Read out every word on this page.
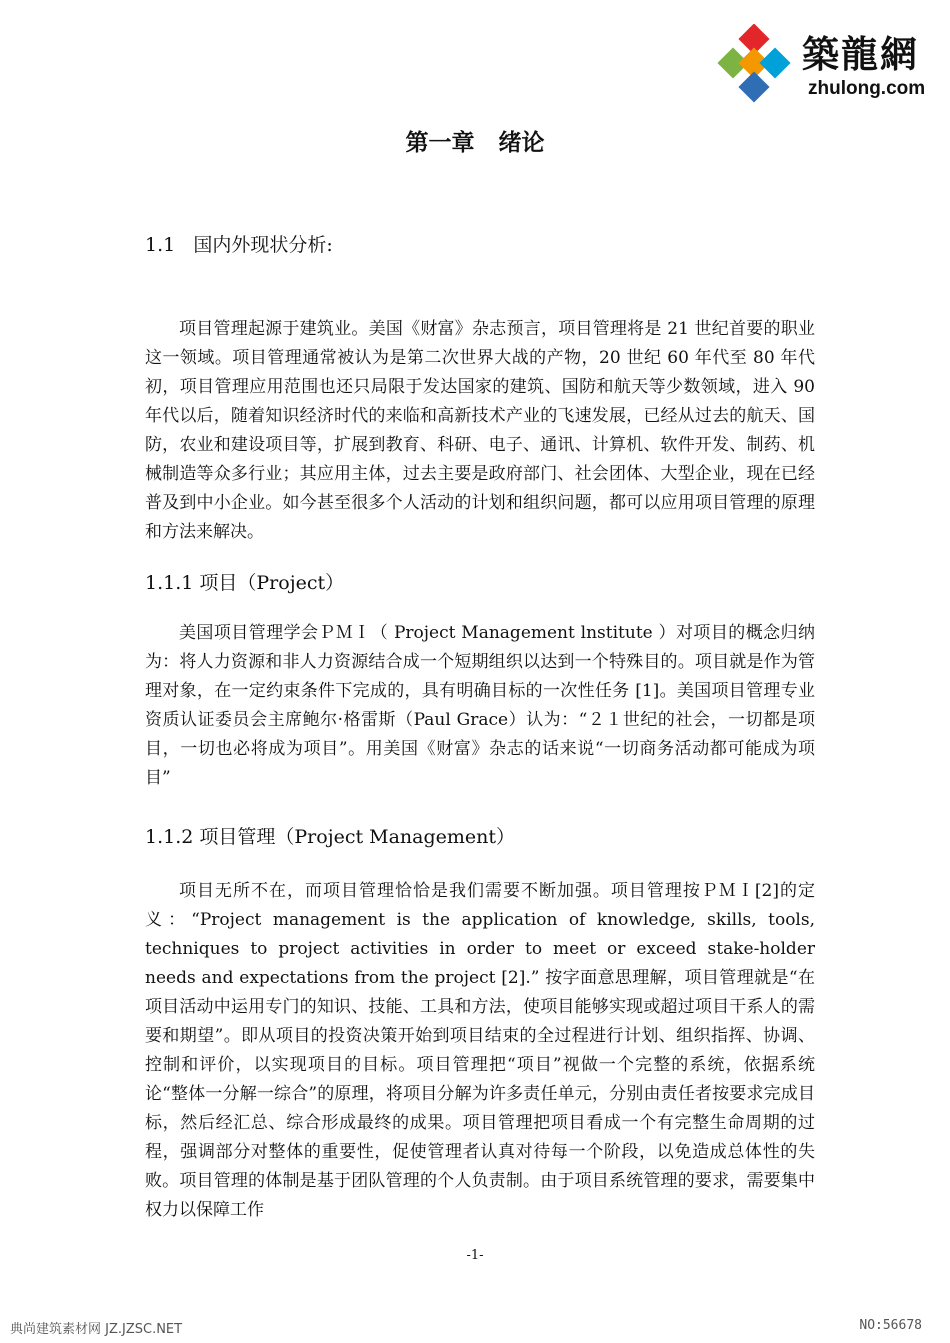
築龍網
zhulong.com
第一章   绪论
1.1   国内外现状分析:

项目管理起源于建筑业。美国《财富》杂志预言，项目管理将是 21 世纪首要的职业这一领域。项目管理通常被认为是第二次世界大战的产物，20 世纪 60 年代至 80 年代初，项目管理应用范围也还只局限于发达国家的建筑、国防和航天等少数领域，进入 90 年代以后，随着知识经济时代的来临和高新技术产业的飞速发展，已经从过去的航天、国防，农业和建设项目等，扩展到教育、科研、电子、通讯、计算机、软件开发、制药、机械制造等众多行业；其应用主体，过去主要是政府部门、社会团体、大型企业，现在已经普及到中小企业。如今甚至很多个人活动的计划和组织问题，都可以应用项目管理的原理和方法来解决。

1.1.1 项目（Project）

美国项目管理学会ＰＭＩ（ Project Management lnstitute ）对项目的概念归纳为：将人力资源和非人力资源结合成一个短期组织以达到一个特殊目的。项目就是作为管理对象，在一定约束条件下完成的，具有明确目标的一次性任务 [1]。美国项目管理专业资质认证委员会主席鲍尔·格雷斯（Paul Grace）认为：“２１世纪的社会，一切都是项目，一切也必将成为项目”。用美国《财富》杂志的话来说“一切商务活动都可能成为项目”

1.1.2 项目管理（Project Management）

项目无所不在，而项目管理恰恰是我们需要不断加强。项目管理按ＰＭＩ[2]的定义：“Project management is the application of knowledge, skills, tools, techniques to project activities in order to meet or exceed stake-holder needs and expectations from the project [2].” 按字面意思理解，项目管理就是“在项目活动中运用专门的知识、技能、工具和方法，使项目能够实现或超过项目干系人的需要和期望”。即从项目的投资决策开始到项目结束的全过程进行计划、组织指挥、协调、控制和评价，以实现项目的目标。项目管理把“项目”视做一个完整的系统，依据系统论“整体一分解一综合”的原理，将项目分解为许多责任单元，分别由责任者按要求完成目标，然后经汇总、综合形成最终的成果。项目管理把项目看成一个有完整生命周期的过程，强调部分对整体的重要性，促使管理者认真对待每一个阶段，以免造成总体性的失败。项目管理的体制是基于团队管理的个人负责制。由于项目系统管理的要求，需要集中权力以保障工作

-1-
典尚建筑素材网 JZ.JZSC.NET	NO:56678
